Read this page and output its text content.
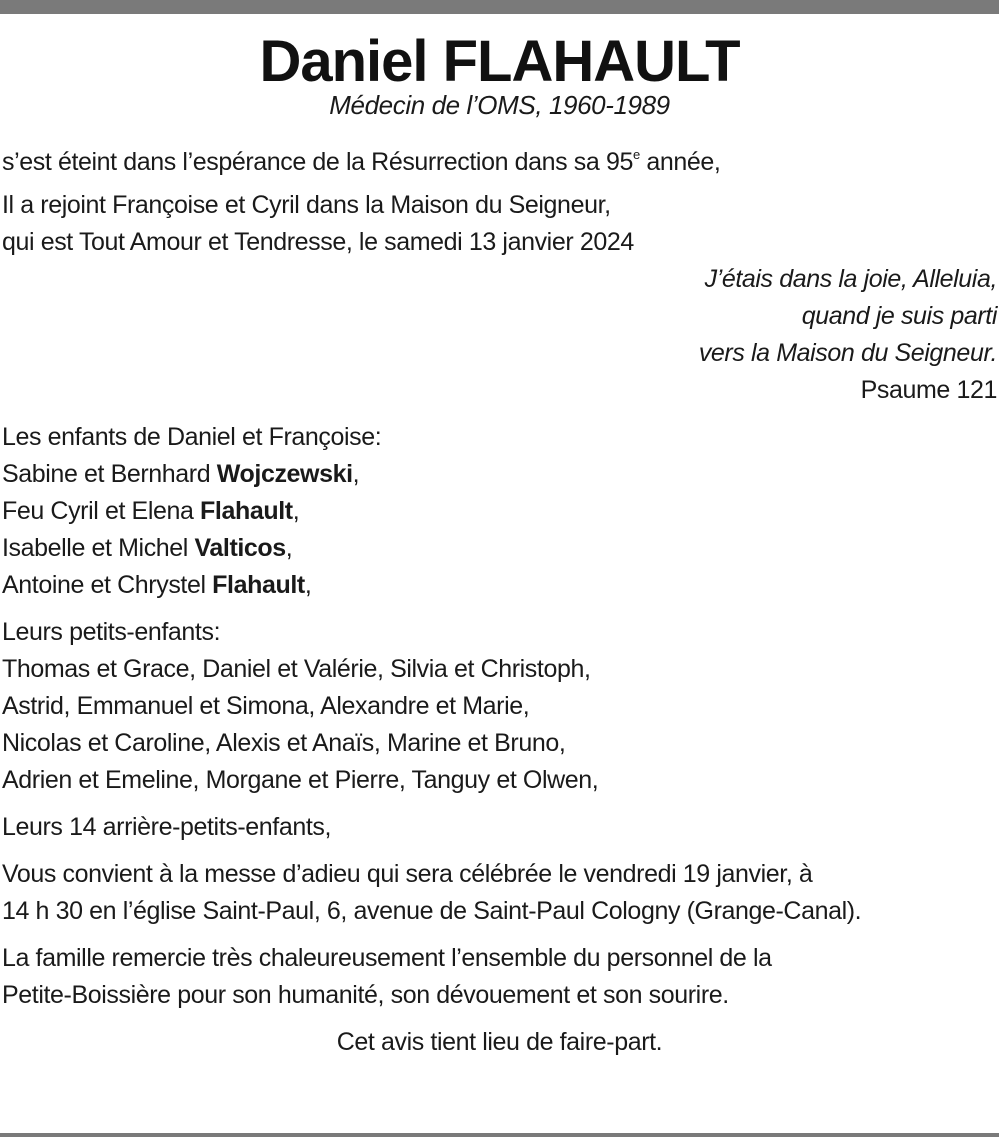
Daniel FLAHAULT
Médecin de l’OMS, 1960-1989

s’est éteint dans l’espérance de la Résurrection dans sa 95e année,

Il a rejoint Françoise et Cyril dans la Maison du Seigneur,
qui est Tout Amour et Tendresse, le samedi 13 janvier 2024

J’étais dans la joie, Alleluia,
quand je suis parti
vers la Maison du Seigneur.
Psaume 121
Les enfants de Daniel et Françoise:
Sabine et Bernhard Wojczewski,
Feu Cyril et Elena Flahault,
Isabelle et Michel Valticos,
Antoine et Chrystel Flahault,
Leurs petits-enfants:
Thomas et Grace, Daniel et Valérie, Silvia et Christoph,
Astrid, Emmanuel et Simona, Alexandre et Marie,
Nicolas et Caroline, Alexis et Anaïs, Marine et Bruno,
Adrien et Emeline, Morgane et Pierre, Tanguy et Olwen,
Leurs 14 arrière-petits-enfants,
Vous convient à la messe d’adieu qui sera célébrée le vendredi 19 janvier, à
14 h 30 en l’église Saint-Paul, 6, avenue de Saint-Paul Cologny (Grange-Canal).
La famille remercie très chaleureusement l’ensemble du personnel de la
Petite-Boissière pour son humanité, son dévouement et son sourire.
Cet avis tient lieu de faire-part.
